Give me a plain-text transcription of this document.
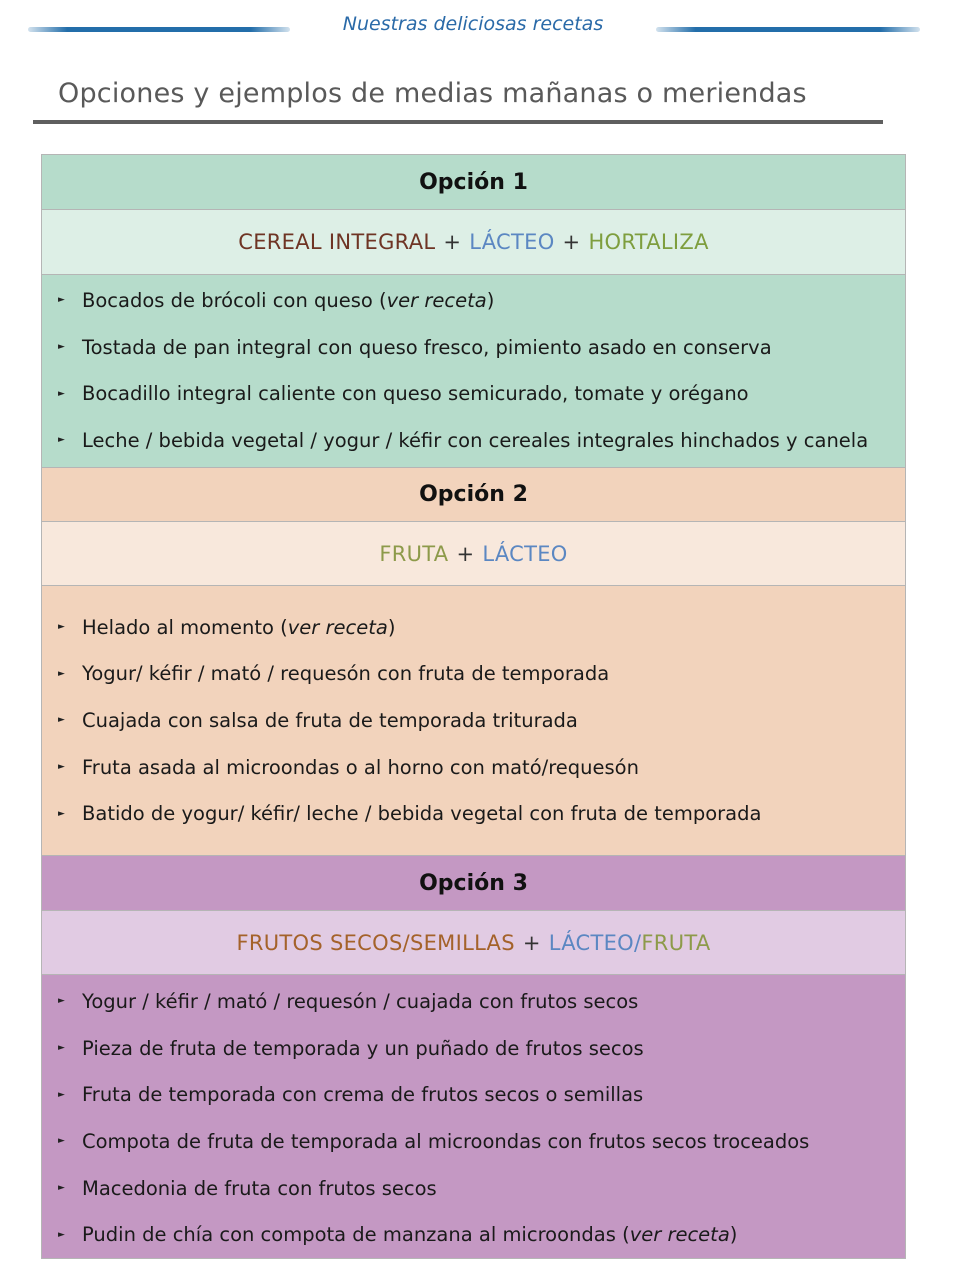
Nuestras deliciosas recetas
Opciones y ejemplos de medias mañanas o meriendas
Opción 1
CEREAL INTEGRAL + LÁCTEO + HORTALIZA
► Bocados de brócoli con queso ( ver receta )
► Tostada de pan integral con queso fresco, pimiento asado en conserva
► Bocadillo integral caliente con queso semicurado, tomate y orégano
► Leche / bebida vegetal / yogur / kéfir con cereales integrales hinchados y canela
Opción 2
FRUTA + LÁCTEO
► Helado al momento ( ver receta )
► Yogur/ kéfir / mató / requesón con fruta de temporada
► Cuajada con salsa de fruta de temporada triturada
► Fruta asada al microondas o al horno con mató/requesón
► Batido de yogur/ kéfir/ leche / bebida vegetal con fruta de temporada
Opción 3
FRUTOS SECOS/SEMILLAS + LÁCTEO / FRUTA
► Yogur / kéfir / mató / requesón / cuajada con frutos secos
► Pieza de fruta de temporada y un puñado de frutos secos
► Fruta de temporada con crema de frutos secos o semillas
► Compota de fruta de temporada al microondas con frutos secos troceados
► Macedonia de fruta con frutos secos
► Pudin de chía con compota de manzana al microondas ( ver receta )
